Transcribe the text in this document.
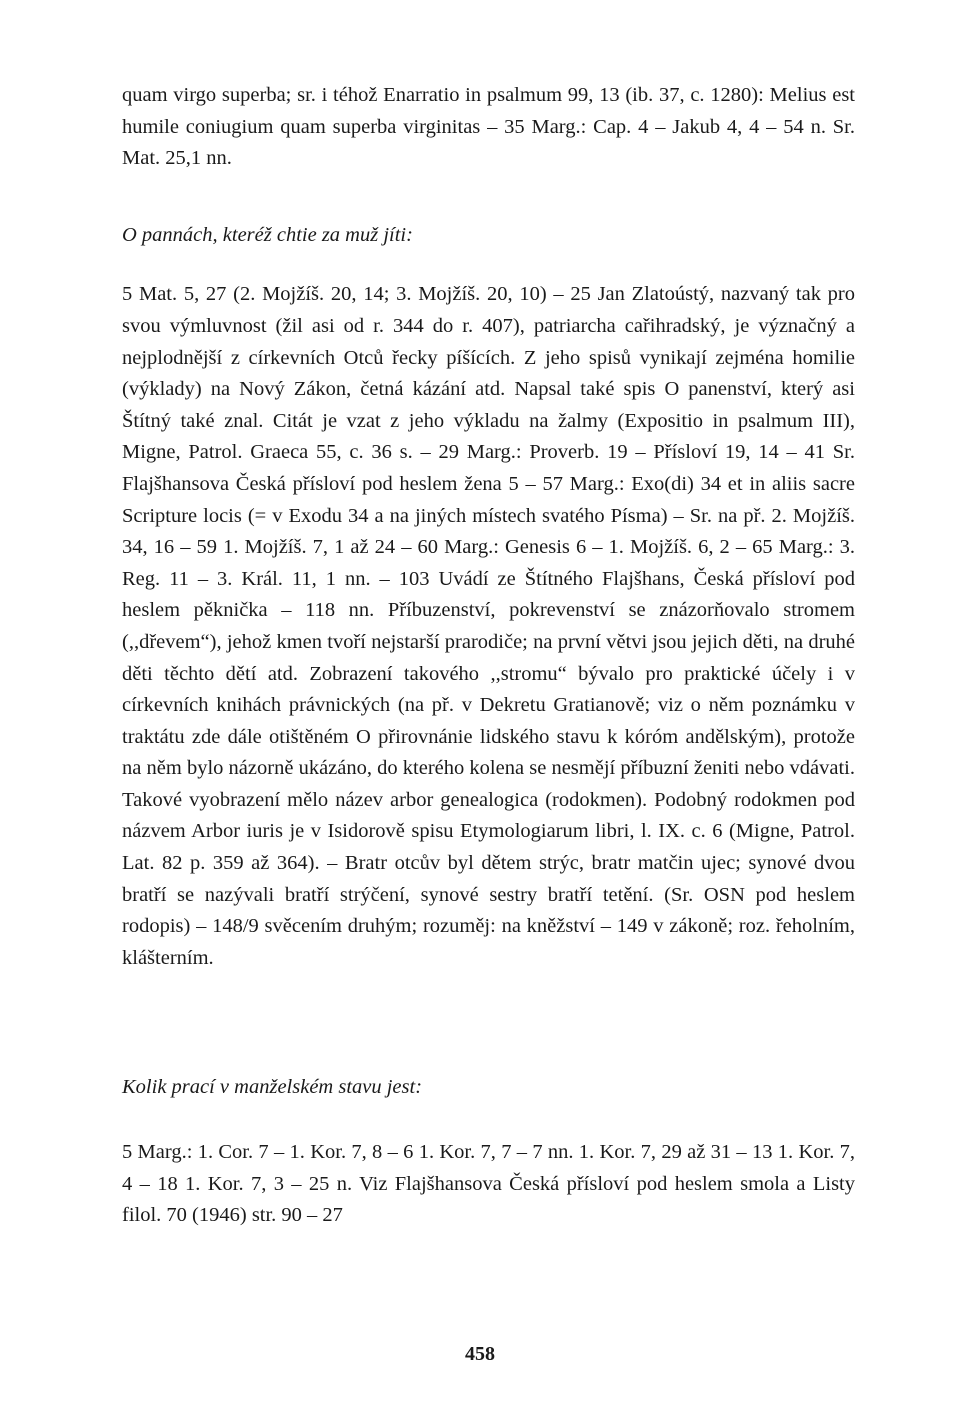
quam virgo superba; sr. i téhož Enarratio in psalmum 99, 13 (ib. 37, c. 1280): Melius est humile coniugium quam superba virginitas – 35 Marg.: Cap. 4 – Jakub 4, 4 – 54 n. Sr. Mat. 25,1 nn.

O pannách, kteréž chtie za muž jíti:

5 Mat. 5, 27 (2. Mojžíš. 20, 14; 3. Mojžíš. 20, 10) – 25 Jan Zlatoústý, nazvaný tak pro svou výmluvnost (žil asi od r. 344 do r. 407), patriarcha cařihradský, je význačný a nejplodnější z církevních Otců řecky píšících. Z jeho spisů vynikají zejména homilie (výklady) na Nový Zákon, četná kázání atd. Napsal také spis O panenství, který asi Štítný také znal. Citát je vzat z jeho výkladu na žalmy (Expositio in psalmum III), Migne, Patrol. Graeca 55, c. 36 s. – 29 Marg.: Proverb. 19 – Přísloví 19, 14 – 41 Sr. Flajšhansova Česká přísloví pod heslem žena 5 – 57 Marg.: Exo(di) 34 et in aliis sacre Scripture locis (= v Exodu 34 a na jiných místech svatého Písma) – Sr. na př. 2. Mojžíš. 34, 16 – 59 1. Mojžíš. 7, 1 až 24 – 60 Marg.: Genesis 6 – 1. Mojžíš. 6, 2 – 65 Marg.: 3. Reg. 11 – 3. Král. 11, 1 nn. – 103 Uvádí ze Štítného Flajšhans, Česká přísloví pod heslem pěknička – 118 nn. Příbuzenství, pokrevenství se znázorňovalo stromem (,,dřevem“), jehož kmen tvoří nejstarší prarodiče; na první větvi jsou jejich děti, na druhé děti těchto dětí atd. Zobrazení takového ,,stromu“ bývalo pro praktické účely i v církevních knihách právnických (na př. v Dekretu Gratianově; viz o něm poznámku v traktátu zde dále otištěném O přirovnánie lidského stavu k kóróm andělským), protože na něm bylo názorně ukázáno, do kterého kolena se nesmějí příbuzní ženiti nebo vdávati. Takové vyobrazení mělo název arbor genealogica (rodokmen). Podobný rodokmen pod názvem Arbor iuris je v Isidorově spisu Etymologiarum libri, l. IX. c. 6 (Migne, Patrol. Lat. 82 p. 359 až 364). – Bratr otcův byl dětem strýc, bratr matčin ujec; synové dvou bratří se nazývali bratří strýčení, synové sestry bratří tetění. (Sr. OSN pod heslem rodopis) – 148/9 svěcením druhým; rozuměj: na kněžství – 149 v zákoně; roz. řeholním, klášterním.

Kolik prací v manželském stavu jest:

5 Marg.: 1. Cor. 7 – 1. Kor. 7, 8 – 6 1. Kor. 7, 7 – 7 nn. 1. Kor. 7, 29 až 31 – 13 1. Kor. 7, 4 – 18 1. Kor. 7, 3 – 25 n. Viz Flajšhansova Česká přísloví pod heslem smola a Listy filol. 70 (1946) str. 90 – 27

458
